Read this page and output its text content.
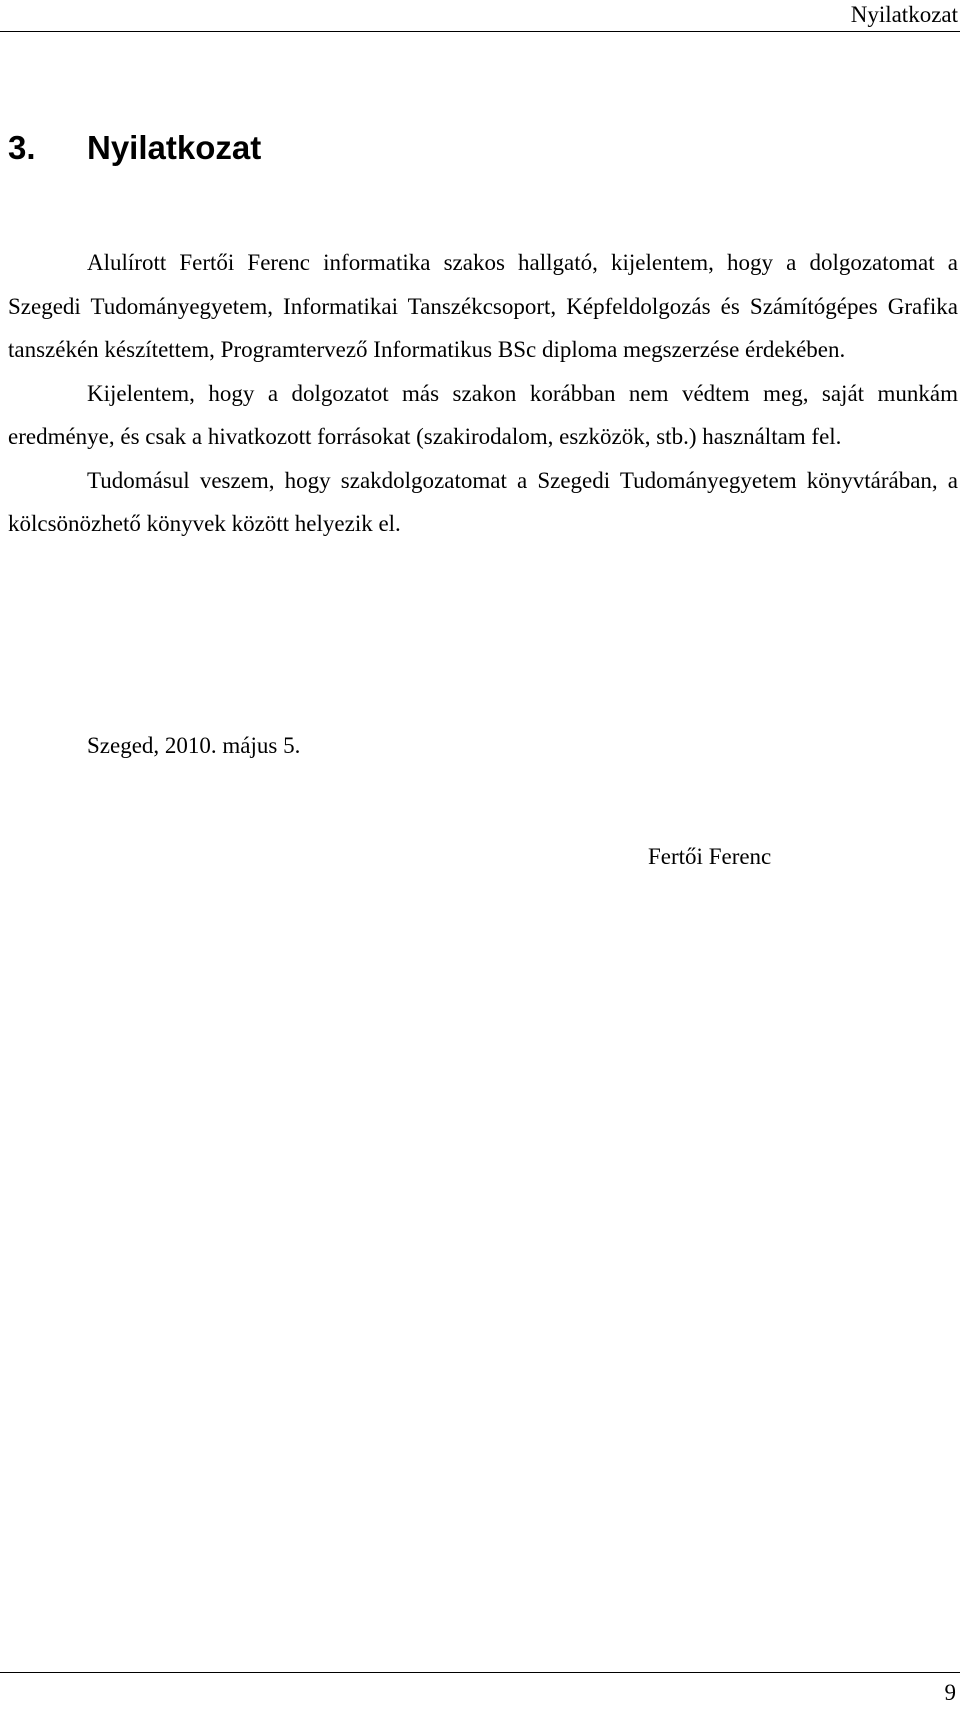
Nyilatkozat
3. Nyilatkozat

Alulírott Fertői Ferenc informatika szakos hallgató, kijelentem, hogy a dolgozatomat a Szegedi Tudományegyetem, Informatikai Tanszékcsoport, Képfeldolgozás és Számítógépes Grafika tanszékén készítettem, Programtervező Informatikus BSc diploma megszerzése érdekében.

Kijelentem, hogy a dolgozatot más szakon korábban nem védtem meg, saját munkám eredménye, és csak a hivatkozott forrásokat (szakirodalom, eszközök, stb.) használtam fel.

Tudomásul veszem, hogy szakdolgozatomat a Szegedi Tudományegyetem könyvtárában, a kölcsönözhető könyvek között helyezik el.

Szeged, 2010. május 5.
Fertői Ferenc
9
